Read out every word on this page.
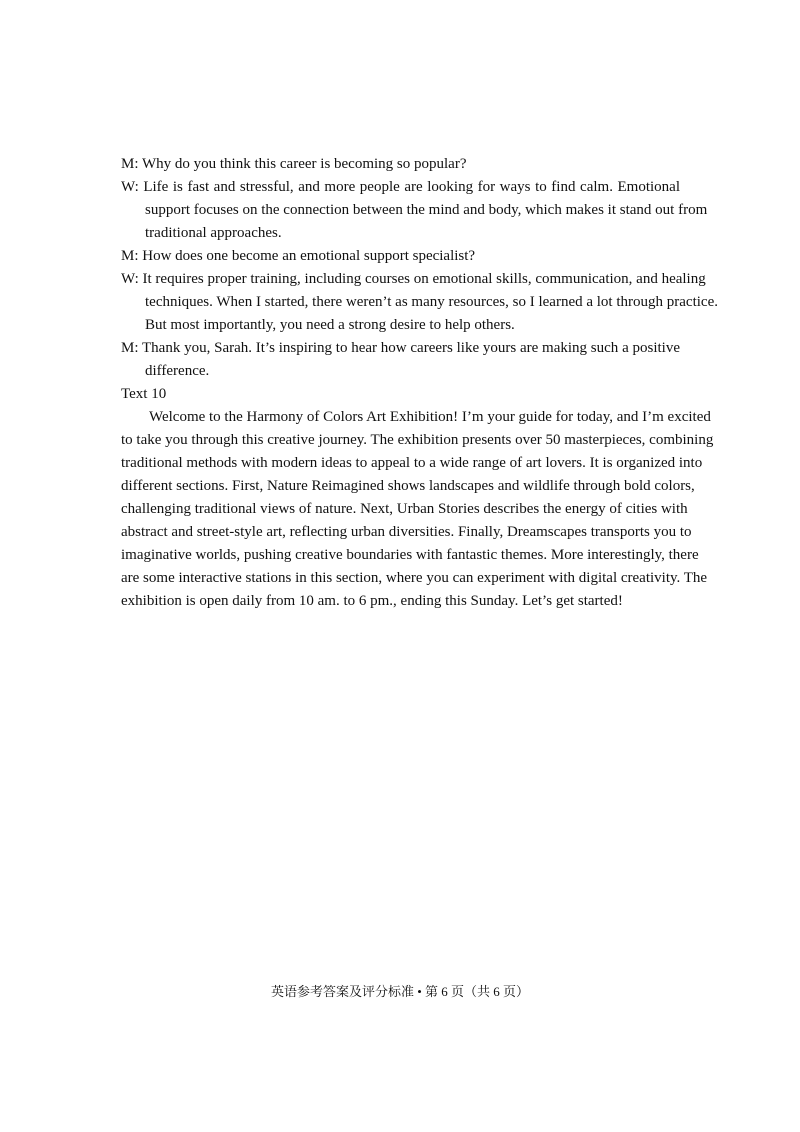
M: Why do you think this career is becoming so popular?
W: Life is fast and stressful, and more people are looking for ways to find calm. Emotional
support focuses on the connection between the mind and body, which makes it stand out from
traditional approaches.
M: How does one become an emotional support specialist?
W: It requires proper training, including courses on emotional skills, communication, and healing
techniques. When I started, there weren’t as many resources, so I learned a lot through practice.
But most importantly, you need a strong desire to help others.
M: Thank you, Sarah. It’s inspiring to hear how careers like yours are making such a positive
difference.
Text 10
Welcome to the Harmony of Colors Art Exhibition! I’m your guide for today, and I’m excited
to take you through this creative journey. The exhibition presents over 50 masterpieces, combining
traditional methods with modern ideas to appeal to a wide range of art lovers. It is organized into
different sections. First, Nature Reimagined shows landscapes and wildlife through bold colors,
challenging traditional views of nature. Next, Urban Stories describes the energy of cities with
abstract and street-style art, reflecting urban diversities. Finally, Dreamscapes transports you to
imaginative worlds, pushing creative boundaries with fantastic themes. More interestingly, there
are some interactive stations in this section, where you can experiment with digital creativity. The
exhibition is open daily from 10 am. to 6 pm., ending this Sunday. Let’s get started!
英语参考答案及评分标准 • 第 6 页（共 6 页）
